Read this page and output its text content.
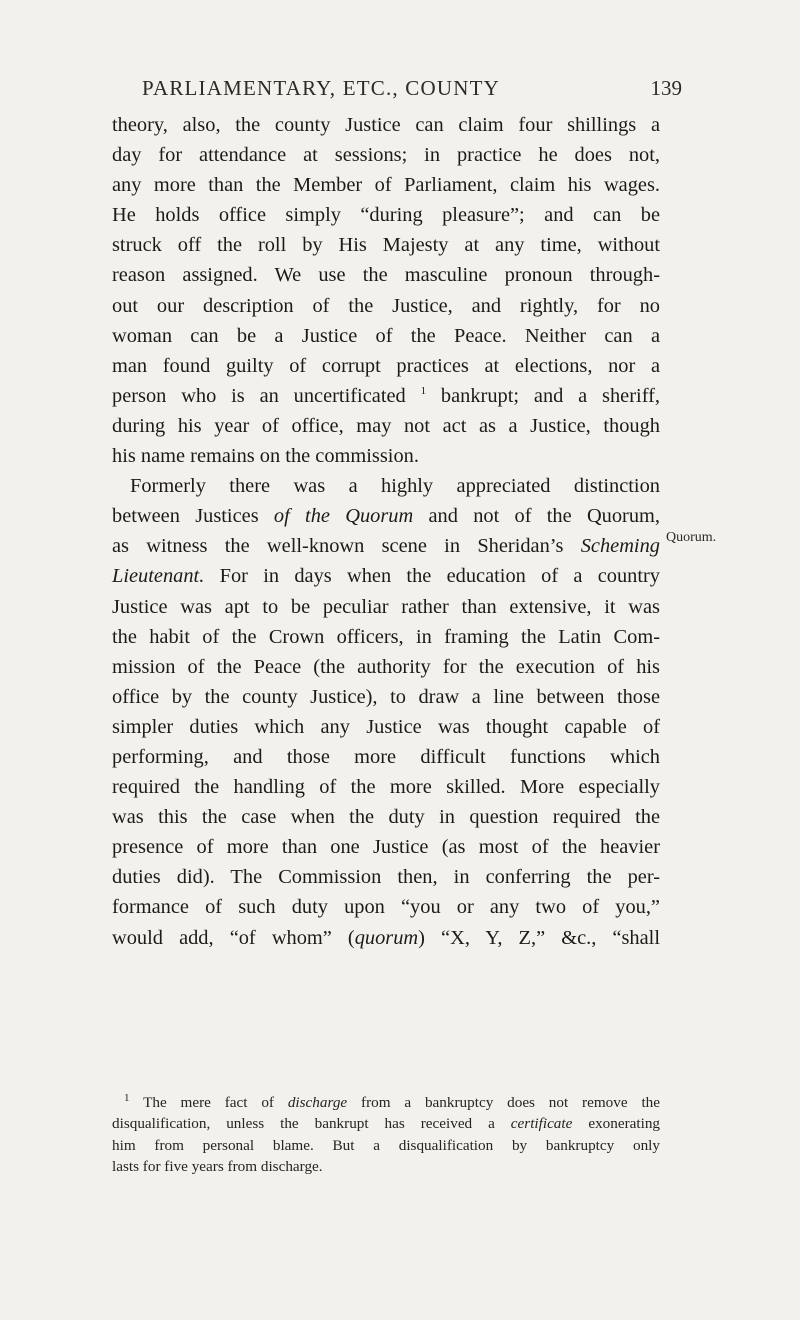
PARLIAMENTARY, ETC., COUNTY	139
theory, also, the county Justice can claim four shillings a
day for attendance at sessions; in practice he does not,
any more than the Member of Parliament, claim his wages.
He holds office simply “during pleasure”; and can be
struck off the roll by His Majesty at any time, without
reason assigned. We use the masculine pronoun through-
out our description of the Justice, and rightly, for no
woman can be a Justice of the Peace. Neither can a
man found guilty of corrupt practices at elections, nor a
person who is an uncertificated $^1$ bankrupt; and a sheriff,
during his year of office, may not act as a Justice, though
his name remains on the commission.
Formerly there was a highly appreciated distinction
between Justices of the Quorum and not of the Quorum,
as witness the well-known scene in Sheridan’s Scheming
Lieutenant. For in days when the education of a country
Justice was apt to be peculiar rather than extensive, it was
the habit of the Crown officers, in framing the Latin Com-
mission of the Peace (the authority for the execution of his
office by the county Justice), to draw a line between those
simpler duties which any Justice was thought capable of
performing, and those more difficult functions which
required the handling of the more skilled. More especially
was this the case when the duty in question required the
presence of more than one Justice (as most of the heavier
duties did). The Commission then, in conferring the per-
formance of such duty upon “you or any two of you,”
would add, “of whom” (quorum) “X, Y, Z,” &c., “shall
Quorum.
$^1$ The mere fact of discharge from a bankruptcy does not remove the
disqualification, unless the bankrupt has received a certificate exonerating
him from personal blame. But a disqualification by bankruptcy only
lasts for five years from discharge.
